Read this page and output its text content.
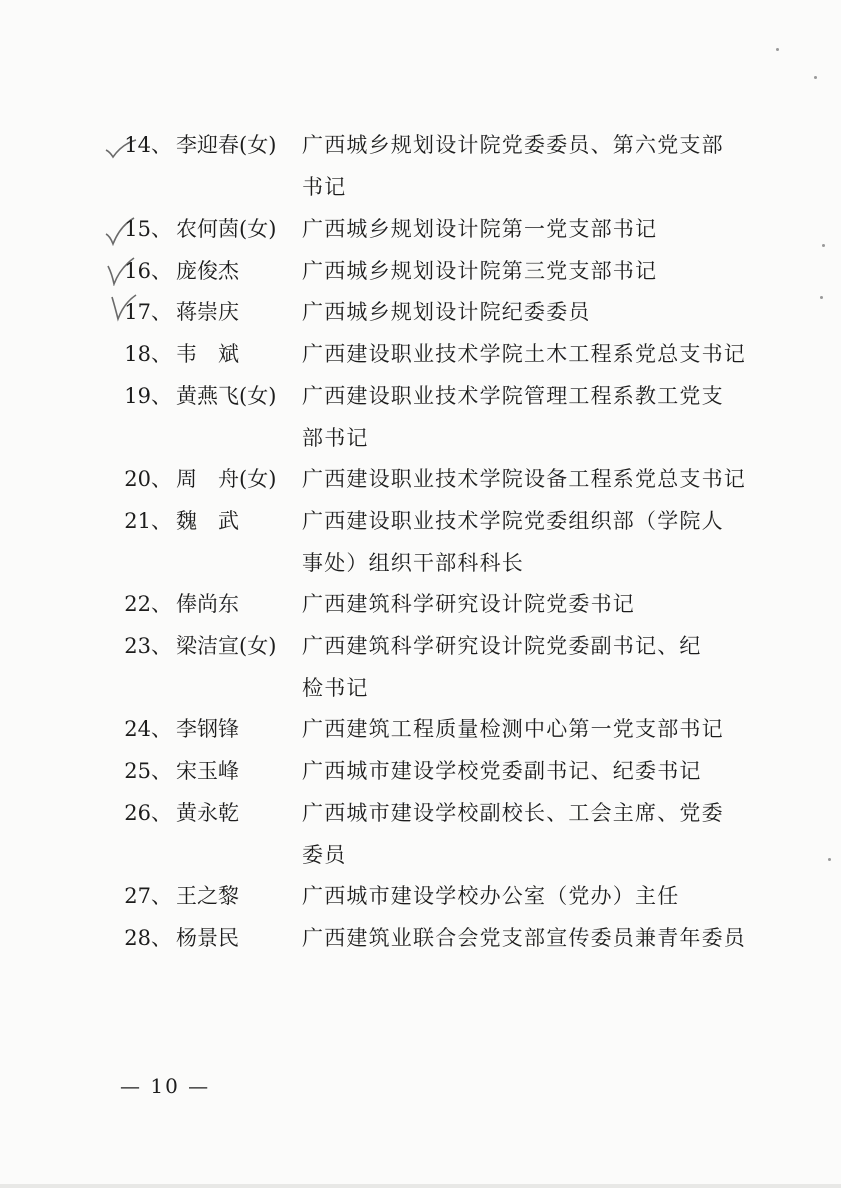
14、 李迎春(女) 广西城乡规划设计院党委委员、第六党支部
书记
15、 农何茵(女) 广西城乡规划设计院第一党支部书记
16、 庞俊杰	广西城乡规划设计院第三党支部书记
17、 蒋崇庆	广西城乡规划设计院纪委委员
18、 韦　斌	广西建设职业技术学院土木工程系党总支书记
19、 黄燕飞(女) 广西建设职业技术学院管理工程系教工党支
部书记
20、 周　舟(女) 广西建设职业技术学院设备工程系党总支书记
21、 魏　武	广西建设职业技术学院党委组织部（学院人
事处）组织干部科科长
22、 俸尚东	广西建筑科学研究设计院党委书记
23、 梁洁宣(女) 广西建筑科学研究设计院党委副书记、纪
检书记
24、 李钢锋	广西建筑工程质量检测中心第一党支部书记
25、 宋玉峰	广西城市建设学校党委副书记、纪委书记
26、 黄永乾	广西城市建设学校副校长、工会主席、党委
委员
27、 王之黎	广西城市建设学校办公室（党办）主任
28、 杨景民	广西建筑业联合会党支部宣传委员兼青年委员
— 10 —
